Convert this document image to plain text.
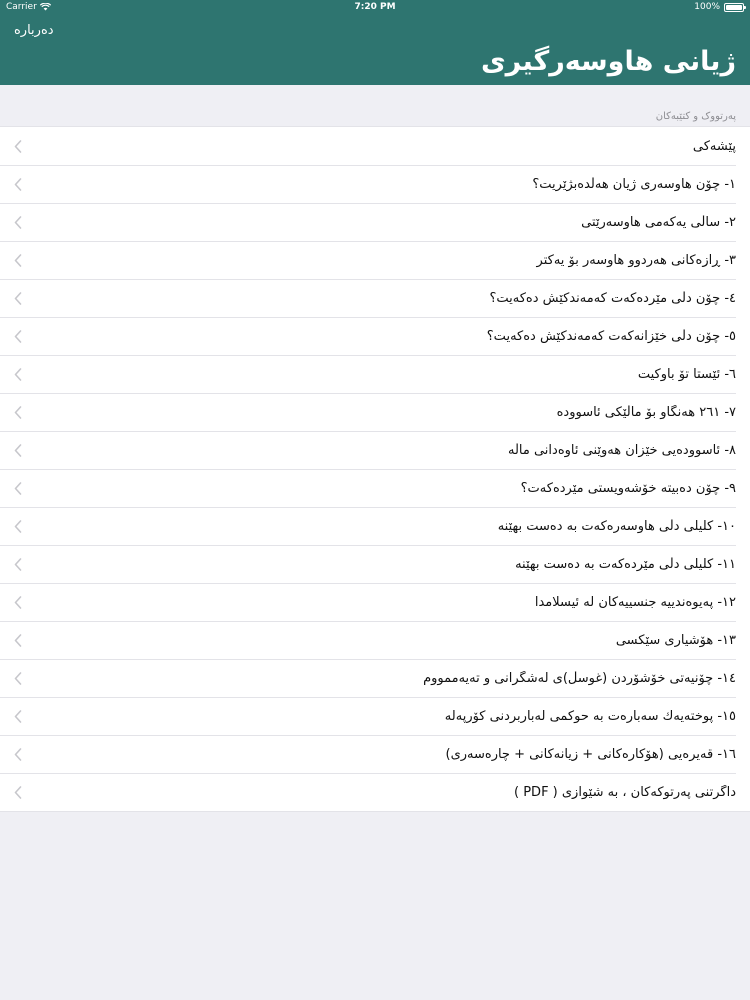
Carrier	7:20 PM	100%
دەربارە
ژیانی هاوسەرگیری
پەرتووک و کتێبەکان
پێشەکی
١- چۆن هاوسەری ژیان هەڵدەبژێریت؟
٢- ساڵی یەکەمی هاوسەرێتی
٣- ڕازەکانی هەردوو هاوسەر بۆ یەکتر
٤- چۆن دڵی مێردەکەت کەمەندکێش دەکەیت؟
٥- چۆن دڵی خێزانەکەت کەمەندکێش دەکەیت؟
٦- ئێستا تۆ باوکیت
٧- ٢٦١ هەنگاو بۆ ماڵێکی ئاسوودە
٨- ئاسوودەیی خێزان هەوێنی ئاوەدانی ماڵە
٩- چۆن دەبیتە خۆشەویستی مێردەکەت؟
١٠- کلیلی دڵی هاوسەرەکەت بە دەست بهێنە
١١- کلیلی دڵی مێردەکەت بە دەست بهێنە
١٢- پەیوەندییە جنسییەکان لە ئیسلامدا
١٣- هۆشیاری سێکسی
١٤- چۆنیەتی خۆشۆردن (غوسڵ)ی لەشگرانی و تەیەممووم
١٥- پوختەیەك سەبارەت بە حوكمی لەباربردنی كۆرپەلە
١٦- قەیرەیی (هۆکارەکانی + زیانەکانی + چارەسەری)
داگرتنی پەرتوکەکان ، بە شێوازی ( PDF )
